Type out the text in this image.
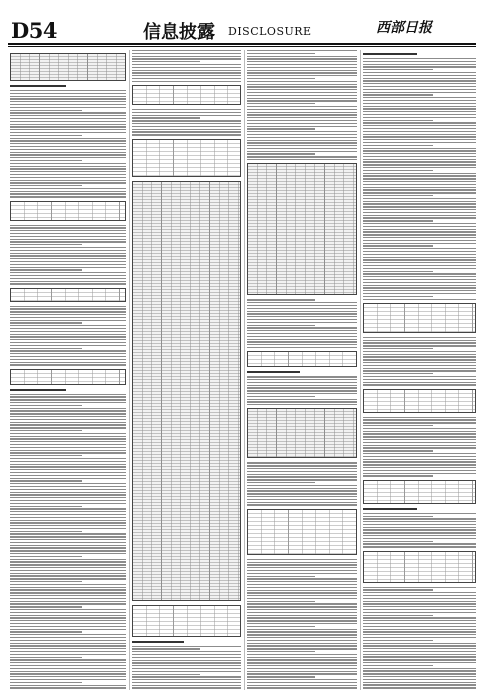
D54	信息披露 DISCLOSURE	西部日报
